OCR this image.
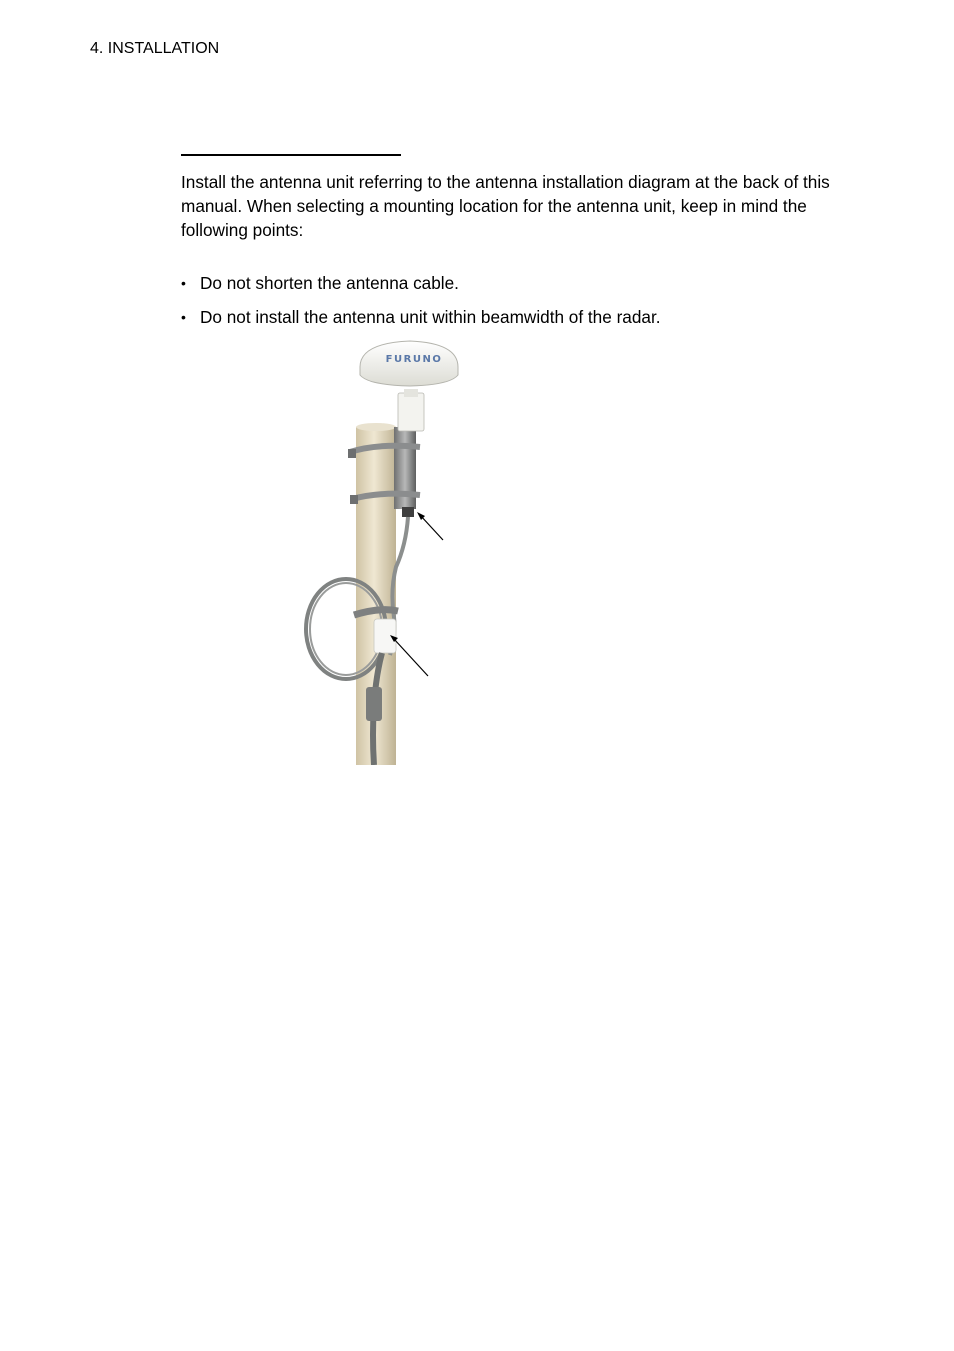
4. INSTALLATION

Install the antenna unit referring to the antenna installation diagram at the back of this manual. When selecting a mounting location for the antenna unit, keep in mind the following points:

• Do not shorten the antenna cable.
• Do not install the antenna unit within beamwidth of the radar.
FURUNO
